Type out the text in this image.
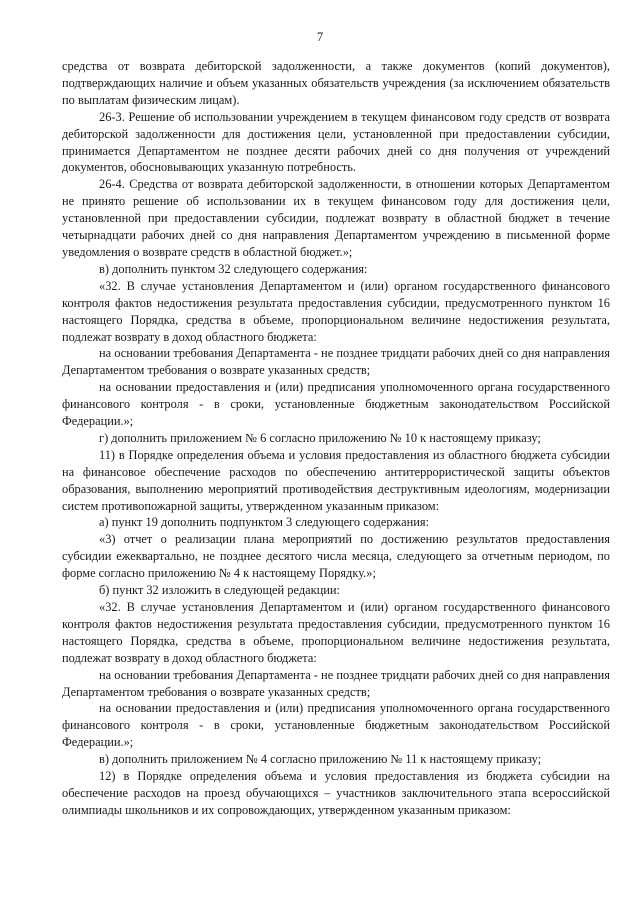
7

средства от возврата дебиторской задолженности, а также документов (копий документов), подтверждающих наличие и объем указанных обязательств учреждения (за исключением обязательств по выплатам физическим лицам).

26-3. Решение об использовании учреждением в текущем финансовом году средств от возврата дебиторской задолженности для достижения цели, установленной при предоставлении субсидии, принимается Департаментом не позднее десяти рабочих дней со дня получения от учреждений документов, обосновывающих указанную потребность.

26-4. Средства от возврата дебиторской задолженности, в отношении которых Департаментом не принято решение об использовании их в текущем финансовом году для достижения цели, установленной при предоставлении субсидии, подлежат возврату в областной бюджет в течение четырнадцати рабочих дней со дня направления Департаментом учреждению в письменной форме уведомления о возврате средств в областной бюджет.»;

в) дополнить пунктом 32 следующего содержания:

«32. В случае установления Департаментом и (или) органом государственного финансового контроля фактов недостижения результата предоставления субсидии, предусмотренного пунктом 16 настоящего Порядка, средства в объеме, пропорциональном величине недостижения результата, подлежат возврату в доход областного бюджета:

на основании требования Департамента - не позднее тридцати рабочих дней со дня направления Департаментом требования о возврате указанных средств;

на основании предоставления и (или) предписания уполномоченного органа государственного финансового контроля - в сроки, установленные бюджетным законодательством Российской Федерации.»;

г) дополнить приложением № 6 согласно приложению № 10 к настоящему приказу;

11) в Порядке определения объема и условия предоставления из областного бюджета субсидии на финансовое обеспечение расходов по обеспечению антитеррористической защиты объектов образования, выполнению мероприятий противодействия деструктивным идеологиям, модернизации систем противопожарной защиты, утвержденном указанным приказом:

а) пункт 19 дополнить подпунктом 3 следующего содержания:

«3) отчет о реализации плана мероприятий по достижению результатов предоставления субсидии ежеквартально, не позднее десятого числа месяца, следующего за отчетным периодом, по форме согласно приложению № 4 к настоящему Порядку.»;

б) пункт 32 изложить в следующей редакции:

«32. В случае установления Департаментом и (или) органом государственного финансового контроля фактов недостижения результата предоставления субсидии, предусмотренного пунктом 16 настоящего Порядка, средства в объеме, пропорциональном величине недостижения результата, подлежат возврату в доход областного бюджета:

на основании требования Департамента - не позднее тридцати рабочих дней со дня направления Департаментом требования о возврате указанных средств;

на основании предоставления и (или) предписания уполномоченного органа государственного финансового контроля - в сроки, установленные бюджетным законодательством Российской Федерации.»;

в) дополнить приложением № 4 согласно приложению № 11 к настоящему приказу;

12) в Порядке определения объема и условия предоставления из бюджета субсидии на обеспечение расходов на проезд обучающихся – участников заключительного этапа всероссийской олимпиады школьников и их сопровождающих, утвержденном указанным приказом:
